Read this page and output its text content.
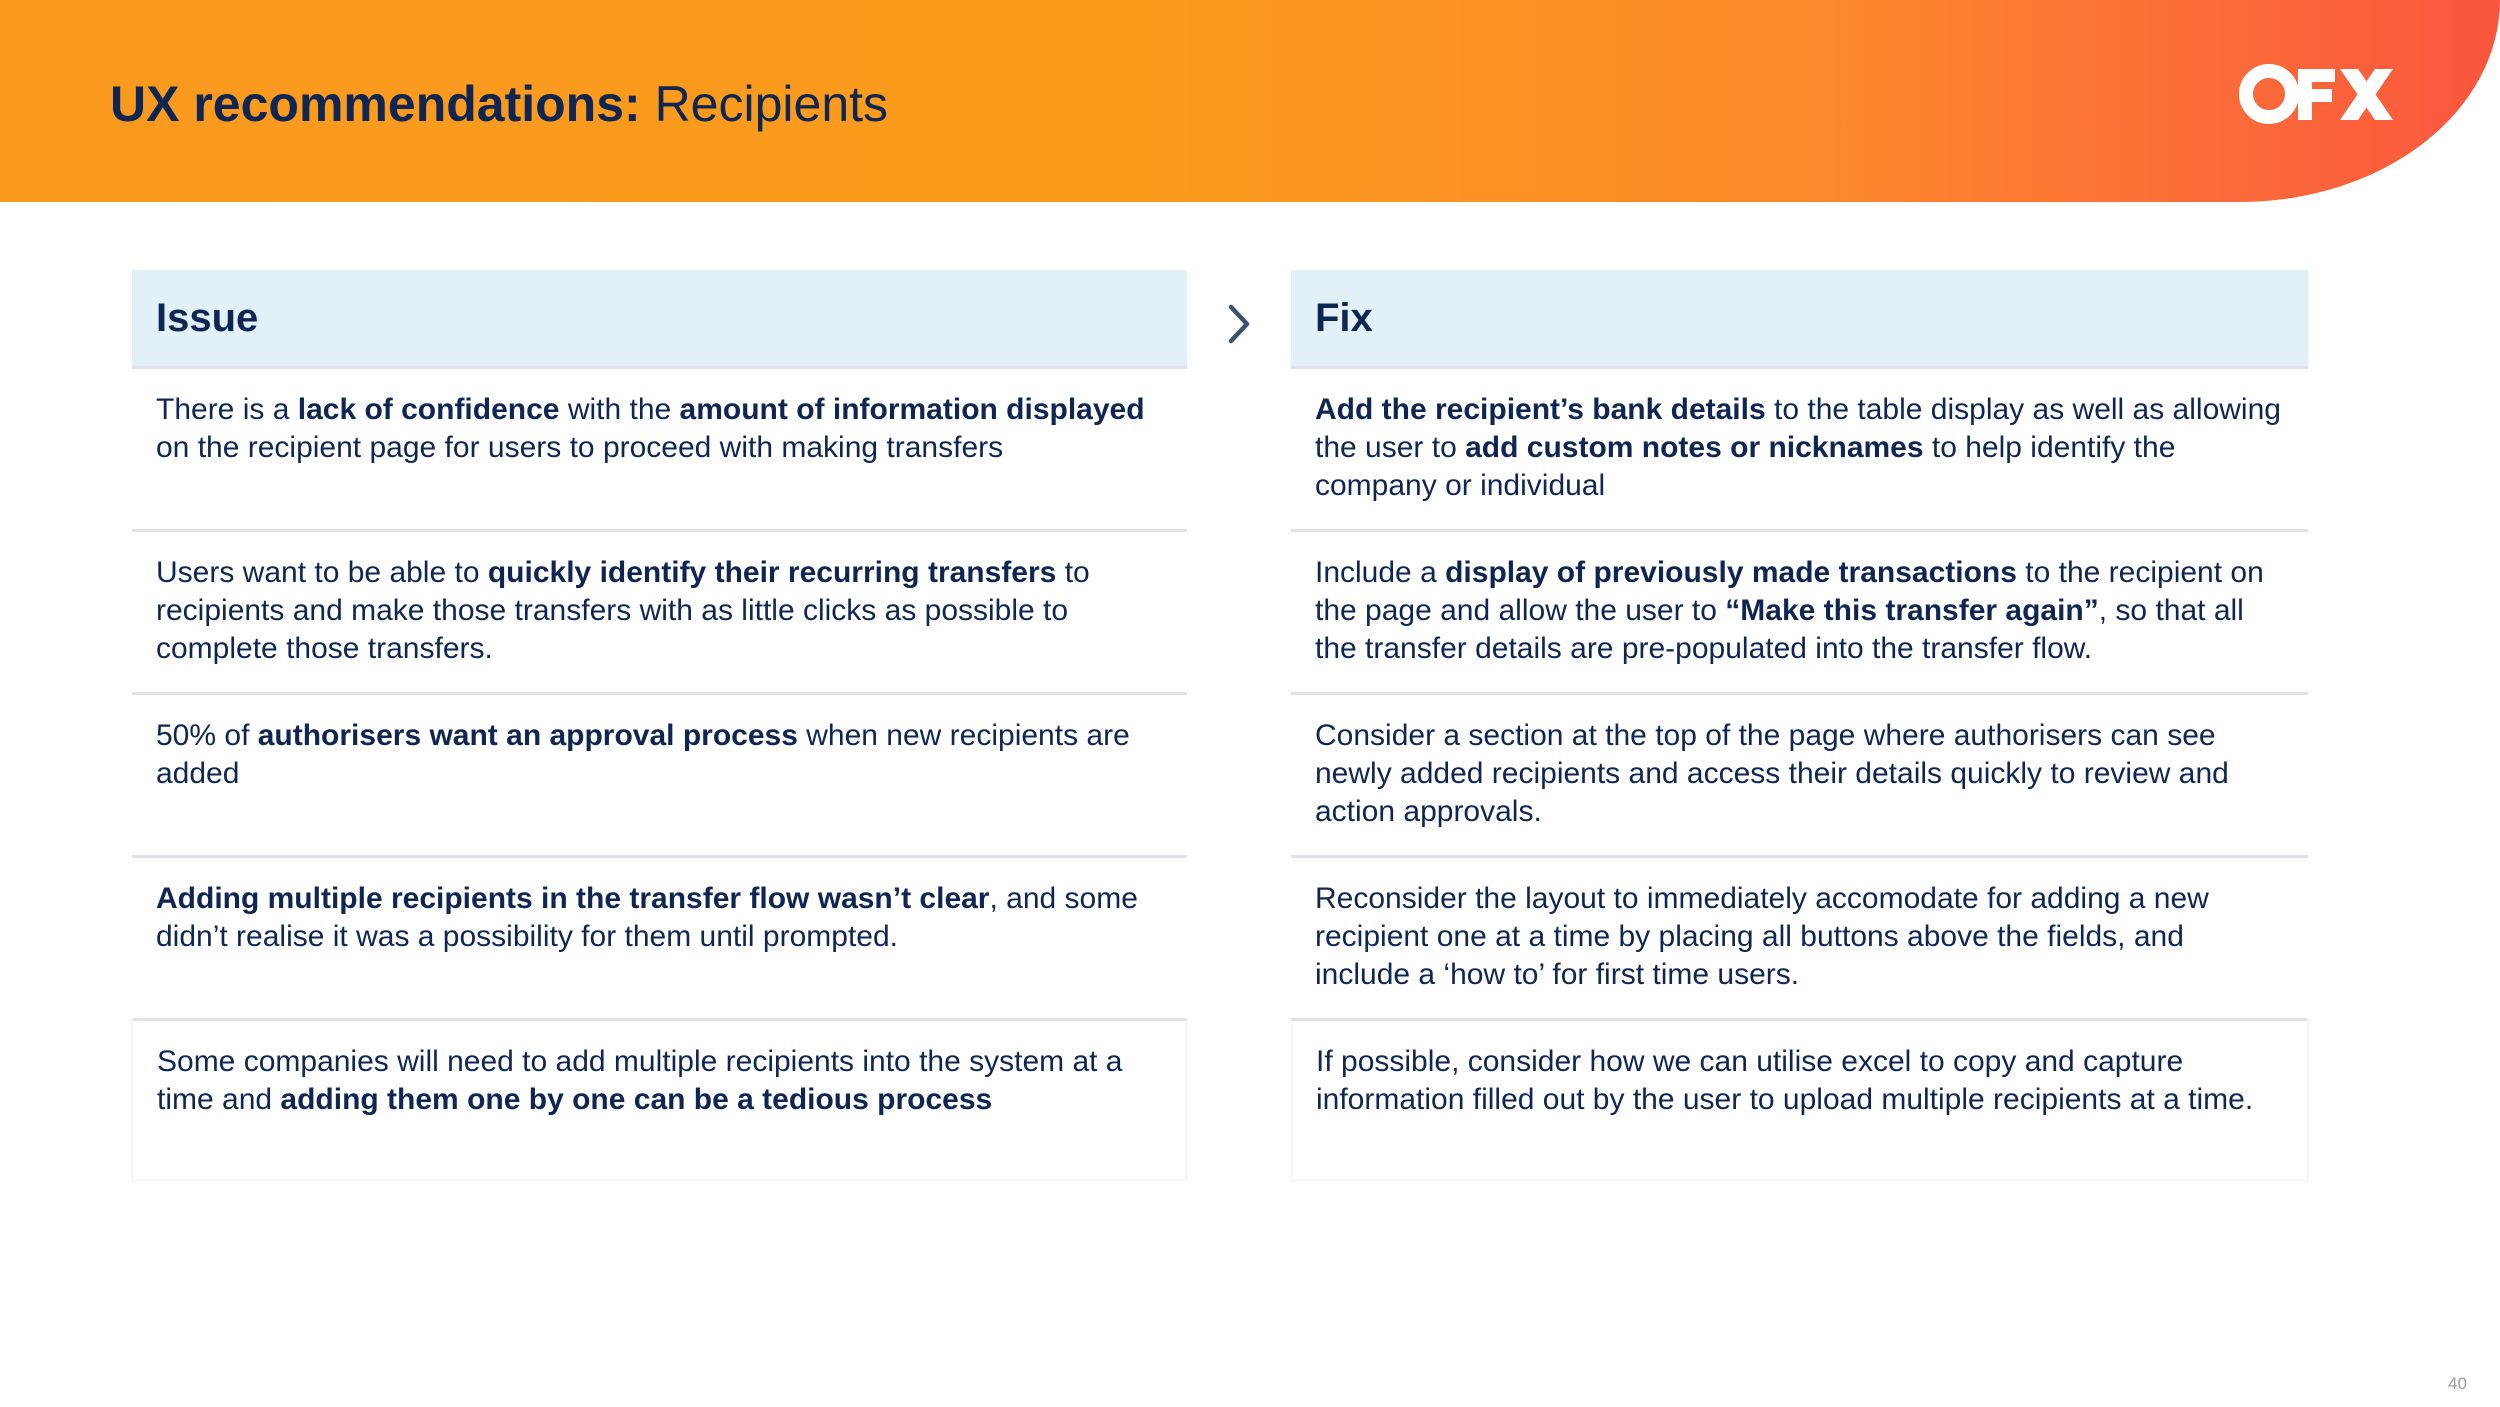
UX recommendations: Recipients
Issue	Fix
There is a lack of confidence with the amount of information displayed on the recipient page for users to proceed with making transfers
Add the recipient’s bank details to the table display as well as allowing the user to add custom notes or nicknames to help identify the company or individual
Users want to be able to quickly identify their recurring transfers to recipients and make those transfers with as little clicks as possible to complete those transfers.
Include a display of previously made transactions to the recipient on the page and allow the user to “Make this transfer again”, so that all the transfer details are pre-populated into the transfer flow.
50% of authorisers want an approval process when new recipients are added
Consider a section at the top of the page where authorisers can see newly added recipients and access their details quickly to review and action approvals.
Adding multiple recipients in the transfer flow wasn’t clear, and some didn’t realise it was a possibility for them until prompted.
Reconsider the layout to immediately accomodate for adding a new recipient one at a time by placing all buttons above the fields, and include a ‘how to’ for first time users.
Some companies will need to add multiple recipients into the system at a time and adding them one by one can be a tedious process
If possible, consider how we can utilise excel to copy and capture information filled out by the user to upload multiple recipients at a time.
40
